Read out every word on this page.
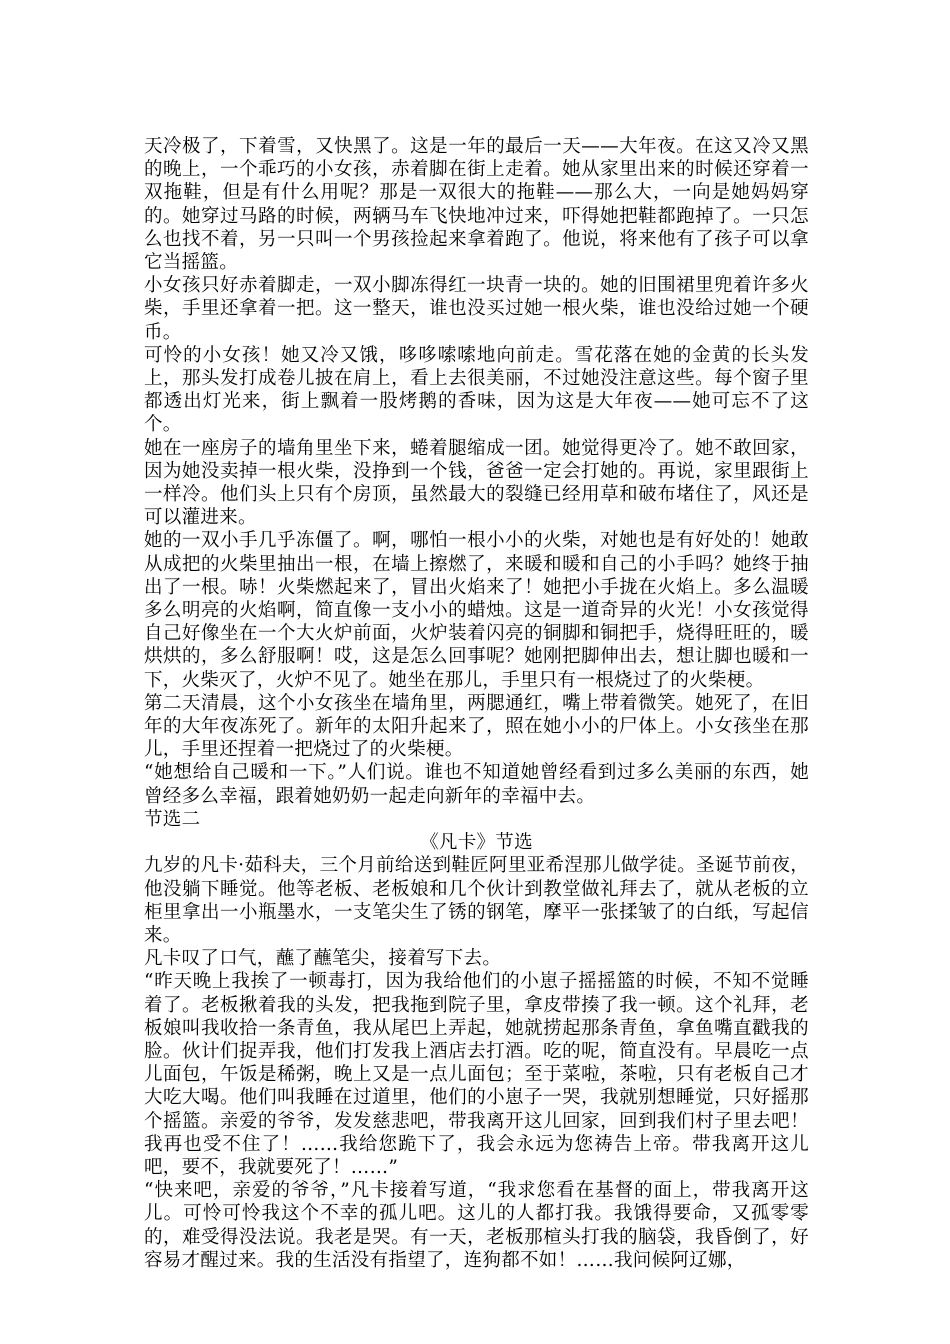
天冷极了，下着雪，又快黑了。这是一年的最后一天——大年夜。在这又冷又黑的晚上，一个乖巧的小女孩，赤着脚在街上走着。她从家里出来的时候还穿着一双拖鞋，但是有什么用呢？那是一双很大的拖鞋——那么大，一向是她妈妈穿的。她穿过马路的时候，两辆马车飞快地冲过来，吓得她把鞋都跑掉了。一只怎么也找不着，另一只叫一个男孩捡起来拿着跑了。他说，将来他有了孩子可以拿它当摇篮。

小女孩只好赤着脚走，一双小脚冻得红一块青一块的。她的旧围裙里兜着许多火柴，手里还拿着一把。这一整天，谁也没买过她一根火柴，谁也没给过她一个硬币。

可怜的小女孩！她又冷又饿，哆哆嗦嗦地向前走。雪花落在她的金黄的长头发上，那头发打成卷儿披在肩上，看上去很美丽，不过她没注意这些。每个窗子里都透出灯光来，街上飘着一股烤鹅的香味，因为这是大年夜——她可忘不了这个。

她在一座房子的墙角里坐下来，蜷着腿缩成一团。她觉得更冷了。她不敢回家，因为她没卖掉一根火柴，没挣到一个钱，爸爸一定会打她的。再说，家里跟街上一样冷。他们头上只有个房顶，虽然最大的裂缝已经用草和破布堵住了，风还是可以灌进来。

她的一双小手几乎冻僵了。啊，哪怕一根小小的火柴，对她也是有好处的！她敢从成把的火柴里抽出一根，在墙上擦燃了，来暖和暖和自己的小手吗？她终于抽出了一根。哧！火柴燃起来了，冒出火焰来了！她把小手拢在火焰上。多么温暖多么明亮的火焰啊，简直像一支小小的蜡烛。这是一道奇异的火光！小女孩觉得自己好像坐在一个大火炉前面，火炉装着闪亮的铜脚和铜把手，烧得旺旺的，暖烘烘的，多么舒服啊！哎，这是怎么回事呢？她刚把脚伸出去，想让脚也暖和一下，火柴灭了，火炉不见了。她坐在那儿，手里只有一根烧过了的火柴梗。

第二天清晨，这个小女孩坐在墙角里，两腮通红，嘴上带着微笑。她死了，在旧年的大年夜冻死了。新年的太阳升起来了，照在她小小的尸体上。小女孩坐在那儿，手里还捏着一把烧过了的火柴梗。

“她想给自己暖和一下。”人们说。谁也不知道她曾经看到过多么美丽的东西，她曾经多么幸福，跟着她奶奶一起走向新年的幸福中去。

节选二

《凡卡》节选

九岁的凡卡·茹科夫，三个月前给送到鞋匠阿里亚希涅那儿做学徒。圣诞节前夜，他没躺下睡觉。他等老板、老板娘和几个伙计到教堂做礼拜去了，就从老板的立柜里拿出一小瓶墨水，一支笔尖生了锈的钢笔，摩平一张揉皱了的白纸，写起信来。

凡卡叹了口气，蘸了蘸笔尖，接着写下去。

“昨天晚上我挨了一顿毒打，因为我给他们的小崽子摇摇篮的时候，不知不觉睡着了。老板揪着我的头发，把我拖到院子里，拿皮带揍了我一顿。这个礼拜，老板娘叫我收拾一条青鱼，我从尾巴上弄起，她就捞起那条青鱼，拿鱼嘴直戳我的脸。伙计们捉弄我，他们打发我上酒店去打酒。吃的呢，简直没有。早晨吃一点儿面包，午饭是稀粥，晚上又是一点儿面包；至于菜啦，茶啦，只有老板自己才大吃大喝。他们叫我睡在过道里，他们的小崽子一哭，我就别想睡觉，只好摇那个摇篮。亲爱的爷爷，发发慈悲吧，带我离开这儿回家，回到我们村子里去吧！我再也受不住了！……我给您跪下了，我会永远为您祷告上帝。带我离开这儿吧，要不，我就要死了！……”

“快来吧，亲爱的爷爷，”凡卡接着写道，“我求您看在基督的面上，带我离开这儿。可怜可怜我这个不幸的孤儿吧。这儿的人都打我。我饿得要命，又孤零零的，难受得没法说。我老是哭。有一天，老板那楦头打我的脑袋，我昏倒了，好容易才醒过来。我的生活没有指望了，连狗都不如！……我问候阿辽娜，
